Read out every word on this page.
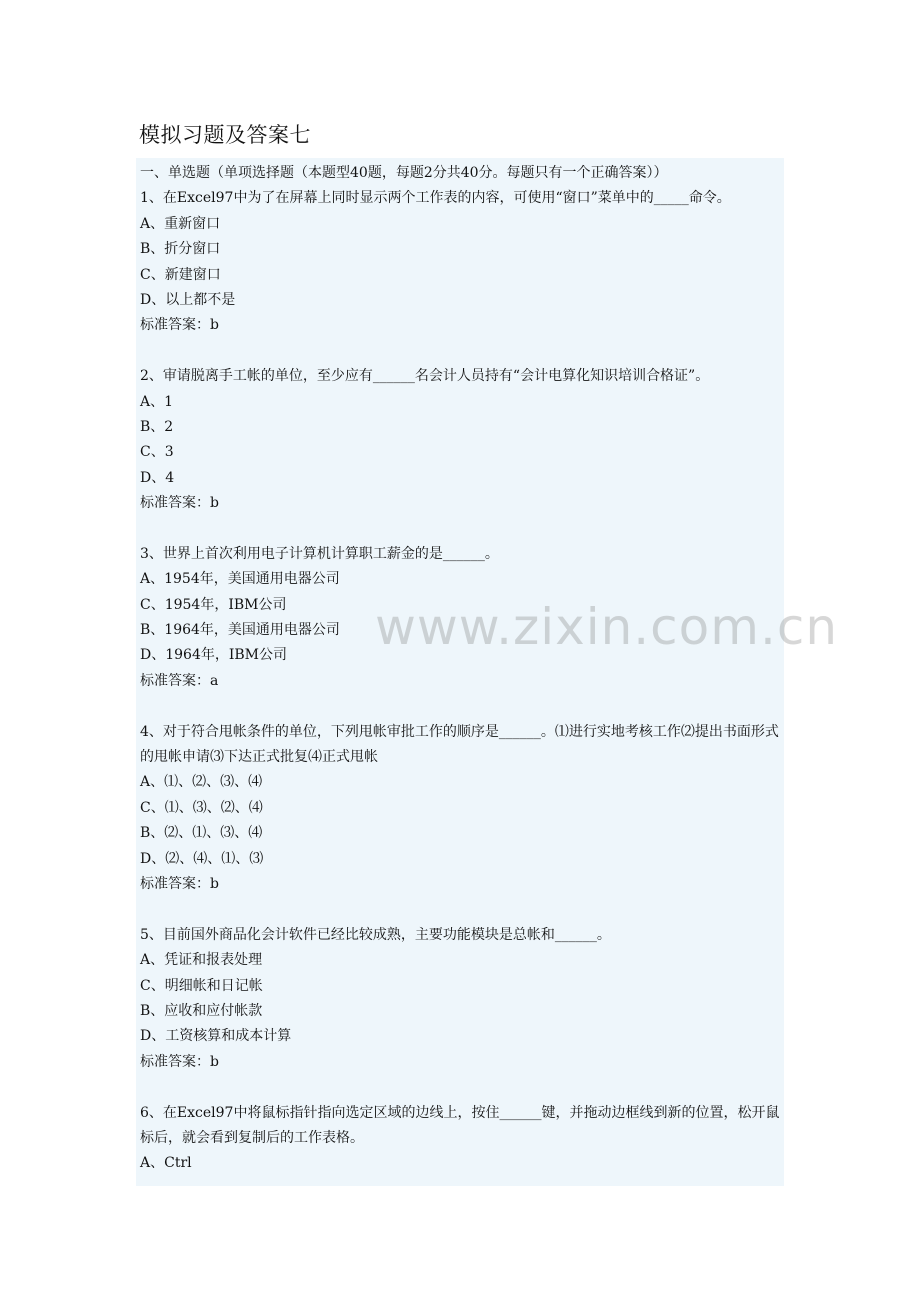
模拟习题及答案七
一、单选题（单项选择题（本题型40题，每题2分共40分。每题只有一个正确答案））
1、在Excel97中为了在屏幕上同时显示两个工作表的内容，可使用“窗口”菜单中的_____命令。
A、重新窗口
B、折分窗口
C、新建窗口
D、以上都不是
标准答案：b
2、审请脱离手工帐的单位，至少应有______名会计人员持有“会计电算化知识培训合格证”。
A、1
B、2
C、3
D、4
标准答案：b
3、世界上首次利用电子计算机计算职工薪金的是______。
A、1954年，美国通用电器公司
C、1954年，IBM公司
B、1964年，美国通用电器公司
D、1964年，IBM公司
标准答案：a
4、对于符合甩帐条件的单位，下列甩帐审批工作的顺序是______。⑴进行实地考核工作⑵提出书面形式的甩帐申请⑶下达正式批复⑷正式甩帐
A、⑴、⑵、⑶、⑷
C、⑴、⑶、⑵、⑷
B、⑵、⑴、⑶、⑷
D、⑵、⑷、⑴、⑶
标准答案：b
5、目前国外商品化会计软件已经比较成熟，主要功能模块是总帐和______。
A、凭证和报表处理
C、明细帐和日记帐
B、应收和应付帐款
D、工资核算和成本计算
标准答案：b
6、在Excel97中将鼠标指针指向选定区域的边线上，按住______键，并拖动边框线到新的位置，松开鼠标后，就会看到复制后的工作表格。
A、Ctrl
www.zixin.com.cn
